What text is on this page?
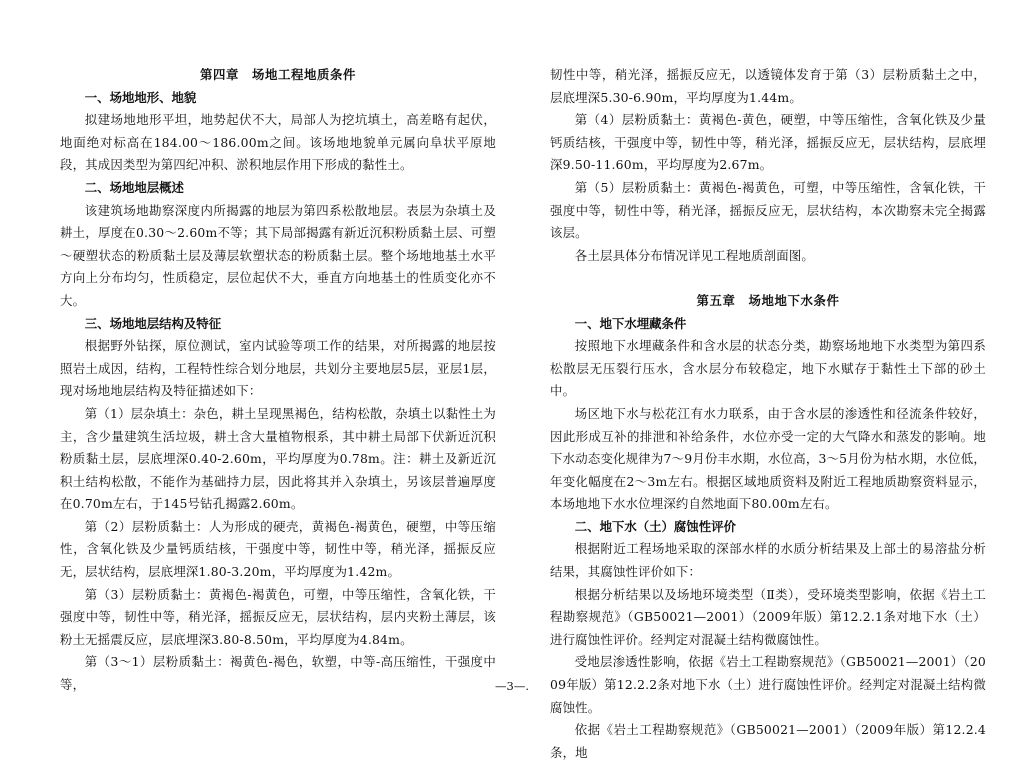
第四章　场地工程地质条件

一、场地地形、地貌

拟建场地地形平坦，地势起伏不大，局部人为挖坑填土，高差略有起伏，地面绝对标高在184.00～186.00m之间。该场地地貌单元属向阜状平原地段，其成因类型为第四纪冲积、淤积地层作用下形成的黏性土。

二、场地地层概述

该建筑场地勘察深度内所揭露的地层为第四系松散地层。表层为杂填土及耕土，厚度在0.30～2.60m不等；其下局部揭露有新近沉积粉质黏土层、可塑～硬塑状态的粉质黏土层及薄层软塑状态的粉质黏土层。整个场地地基土水平方向上分布均匀，性质稳定，层位起伏不大，垂直方向地基土的性质变化亦不大。

三、场地地层结构及特征

根据野外钻探，原位测试，室内试验等项工作的结果，对所揭露的地层按照岩土成因，结构，工程特性综合划分地层，共划分主要地层5层，亚层1层，现对场地地层结构及特征描述如下：

第（1）层杂填土：杂色，耕土呈现黑褐色，结构松散，杂填土以黏性土为主，含少量建筑生活垃圾，耕土含大量植物根系，其中耕土局部下伏新近沉积粉质黏土层，层底埋深0.40-2.60m，平均厚度为0.78m。注：耕土及新近沉积土结构松散，不能作为基础持力层，因此将其并入杂填土，另该层普遍厚度在0.70m左右，于145号钻孔揭露2.60m。

第（2）层粉质黏土：人为形成的硬壳，黄褐色-褐黄色，硬塑，中等压缩性，含氧化铁及少量钙质结核，干强度中等，韧性中等，稍光泽，摇振反应无，层状结构，层底埋深1.80-3.20m，平均厚度为1.42m。

第（3）层粉质黏土：黄褐色-褐黄色，可塑，中等压缩性，含氧化铁，干强度中等，韧性中等，稍光泽，摇振反应无，层状结构，层内夹粉土薄层，该粉土无摇震反应，层底埋深3.80-8.50m，平均厚度为4.84m。

第（3～1）层粉质黏土：褐黄色-褐色，软塑，中等-高压缩性，干强度中等，

韧性中等，稍光泽，摇振反应无，以透镜体发育于第（3）层粉质黏土之中，层底埋深5.30-6.90m，平均厚度为1.44m。

第（4）层粉质黏土：黄褐色-黄色，硬塑，中等压缩性，含氧化铁及少量钙质结核，干强度中等，韧性中等，稍光泽，摇振反应无，层状结构，层底埋深9.50-11.60m，平均厚度为2.67m。

第（5）层粉质黏土：黄褐色-褐黄色，可塑，中等压缩性，含氧化铁，干强度中等，韧性中等，稍光泽，摇振反应无，层状结构，本次勘察未完全揭露该层。

各土层具体分布情况详见工程地质剖面图。

第五章　场地地下水条件

一、地下水埋藏条件

按照地下水埋藏条件和含水层的状态分类，勘察场地地下水类型为第四系松散层无压裂行压水，含水层分布较稳定，地下水赋存于黏性土下部的砂土中。

场区地下水与松花江有水力联系，由于含水层的渗透性和径流条件较好，因此形成互补的排泄和补给条件，水位亦受一定的大气降水和蒸发的影响。地下水动态变化规律为7～9月份丰水期，水位高，3～5月份为枯水期，水位低，年变化幅度在2～3m左右。根据区域地质资料及附近工程地质勘察资料显示，本场地地下水水位埋深约自然地面下80.00m左右。

二、地下水（土）腐蚀性评价

根据附近工程场地采取的深部水样的水质分析结果及上部土的易溶盐分析结果，其腐蚀性评价如下：

根据分析结果以及场地环境类型（Ⅱ类），受环境类型影响，依据《岩土工程勘察规范》（GB50021—2001）（2009年版）第12.2.1条对地下水（土）进行腐蚀性评价。经判定对混凝土结构微腐蚀性。

受地层渗透性影响，依据《岩土工程勘察规范》（GB50021—2001）（2009年版）第12.2.2条对地下水（土）进行腐蚀性评价。经判定对混凝土结构微腐蚀性。

依据《岩土工程勘察规范》（GB50021—2001）（2009年版）第12.2.4条，地

—3—.
